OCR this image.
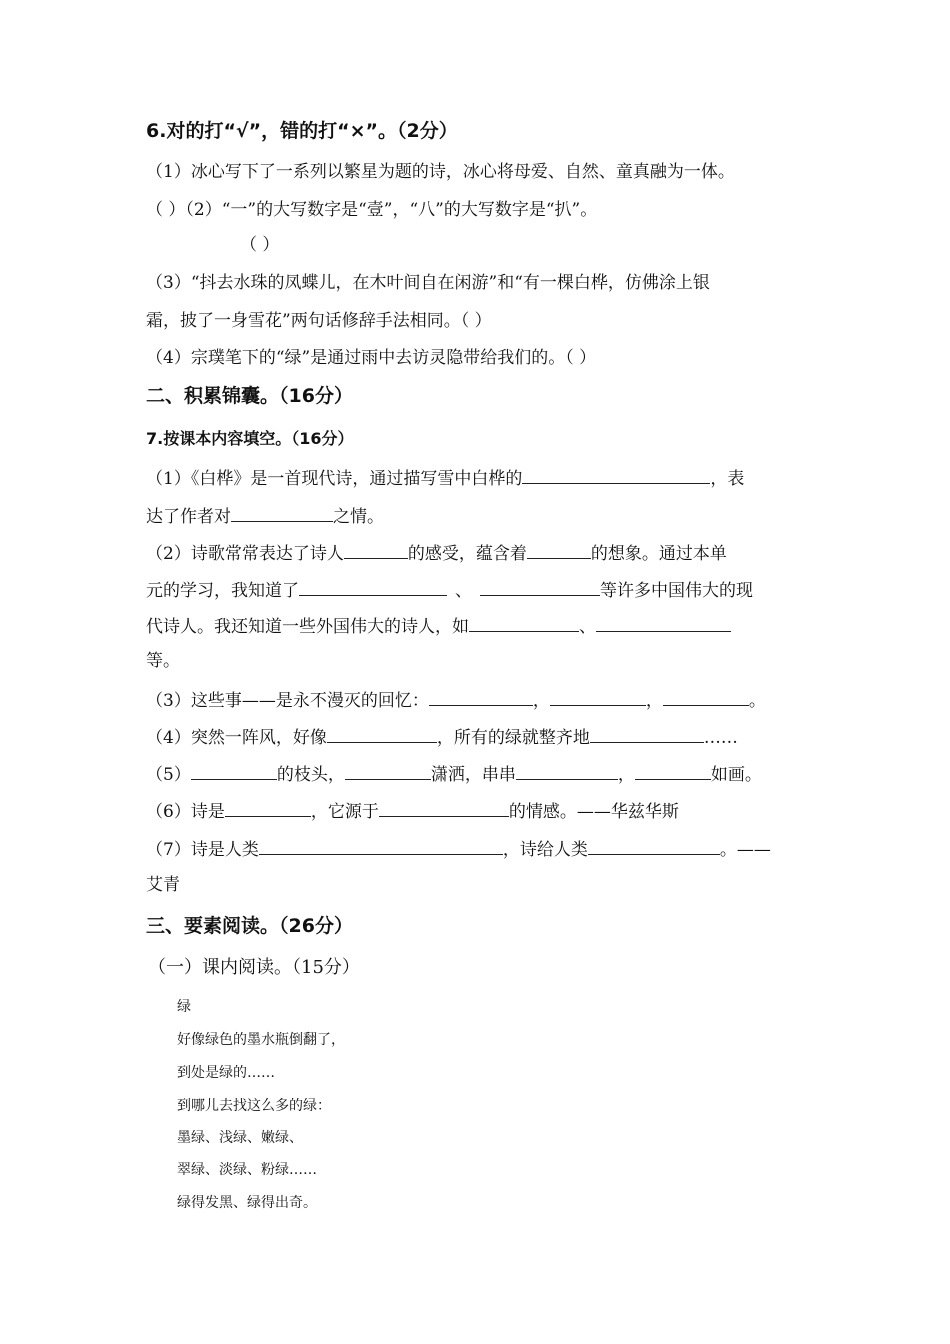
6.对的打“√”，错的打“×”。（2分）
（1）冰心写下了一系列以繁星为题的诗，冰心将母爱、自然、童真融为一体。
（ ）（2）“一”的大写数字是“壹”，“八”的大写数字是“扒”。
（ ）
（3）“抖去水珠的凤蝶儿，在木叶间自在闲游”和“有一棵白桦，仿佛涂上银
霜，披了一身雪花”两句话修辞手法相同。（ ）
（4）宗璞笔下的“绿”是通过雨中去访灵隐带给我们的。（ ）
二、积累锦囊。（16分）
7.按课本内容填空。（16分）
（1）《白桦》是一首现代诗，通过描写雪中白桦的	，表
达了作者对	之情。
（2）诗歌常常表达了诗人	的感受，蕴含着	的想象。通过本单
元的学习，我知道了	、	等许多中国伟大的现
代诗人。我还知道一些外国伟大的诗人，如	、
等。
（3）这些事——是永不漫灭的回忆：	，	，	。
（4）突然一阵风，好像	，所有的绿就整齐地	……
（5）	的枝头，	潇洒，串串	，	如画。
（6）诗是	，它源于	的情感。——华兹华斯
（7）诗是人类	，诗给人类	。——
艾青
三、要素阅读。（26分）
（一）课内阅读。（15分）
绿
好像绿色的墨水瓶倒翻了，
到处是绿的……
到哪儿去找这么多的绿：
墨绿、浅绿、嫩绿、
翠绿、淡绿、粉绿……
绿得发黑、绿得出奇。
